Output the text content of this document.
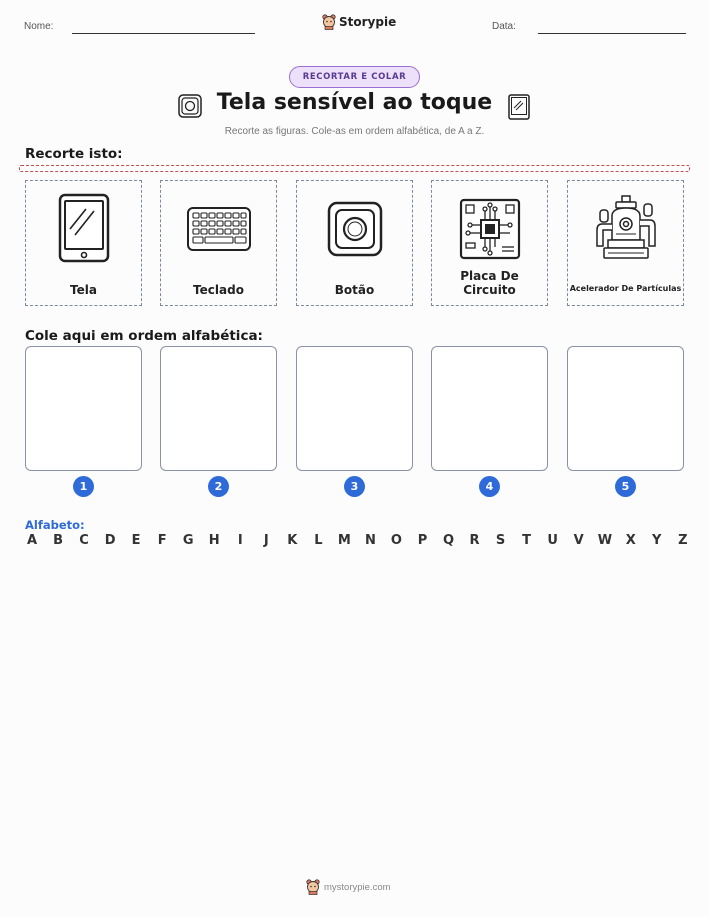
Nome:	Storypie	Data:
RECORTAR E COLAR
Tela sensível ao toque
Recorte as figuras. Cole-as em ordem alfabética, de A a Z.
Recorte isto:
Tela	Teclado	Botão
Placa De Circuito	Acelerador De Partículas
Cole aqui em ordem alfabética:
1	2	3	4	5
Alfabeto:
A B C D E F G H	I	J	K L M N O P Q R S T U V W X Y Z
mystorypie.com
